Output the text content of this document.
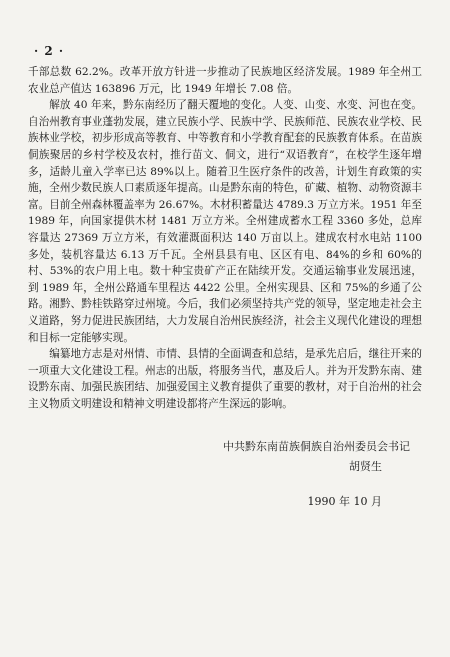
· 2 ·

千部总数 62.2%。改革开放方针进一步推动了民族地区经济发展。1989 年全州工农业总产值达 163896 万元，比 1949 年增长 7.08 倍。

解放 40 年来，黔东南经历了翻天覆地的变化。人变、山变、水变、河也在变。自治州教育事业蓬勃发展，建立民族小学、民族中学、民族师范、民族农业学校、民族林业学校，初步形成高等教育、中等教育和小学教育配套的民族教育体系。在苗族侗族聚居的乡村学校及农村，推行苗文、侗文，进行“双语教育”，在校学生逐年增多，适龄儿童入学率已达 89%以上。随着卫生医疗条件的改善，计划生育政策的实施，全州少数民族人口素质逐年提高。山是黔东南的特色，矿藏、植物、动物资源丰富。目前全州森林覆盖率为 26.67%。木材积蓄量达 4789.3 万立方米。1951 年至 1989 年，向国家提供木材 1481 万立方米。全州建成蓄水工程 3360 多处，总库容量达 27369 万立方米，有效灌溉面积达 140 万亩以上。建成农村水电站 1100 多处，装机容量达 6.13 万千瓦。全州县县有电、区区有电、84%的乡和 60%的村、53%的农户用上电。数十种宝贵矿产正在陆续开发。交通运输事业发展迅速，到 1989 年，全州公路通车里程达 4422 公里。全州实现县、区和 75%的乡通了公路。湘黔、黔桂铁路穿过州境。今后，我们必须坚持共产党的领导，坚定地走社会主义道路，努力促进民族团结，大力发展自治州民族经济，社会主义现代化建设的理想和目标一定能够实现。

编纂地方志是对州情、市情、县情的全面调查和总结，是承先启后，继往开来的一项重大文化建设工程。州志的出版，将服务当代，惠及后人。并为开发黔东南、建设黔东南、加强民族团结、加强爱国主义教育提供了重要的教材，对于自治州的社会主义物质文明建设和精神文明建设都将产生深远的影响。

中共黔东南苗族侗族自治州委员会书记
胡贤生
1990 年 10 月
